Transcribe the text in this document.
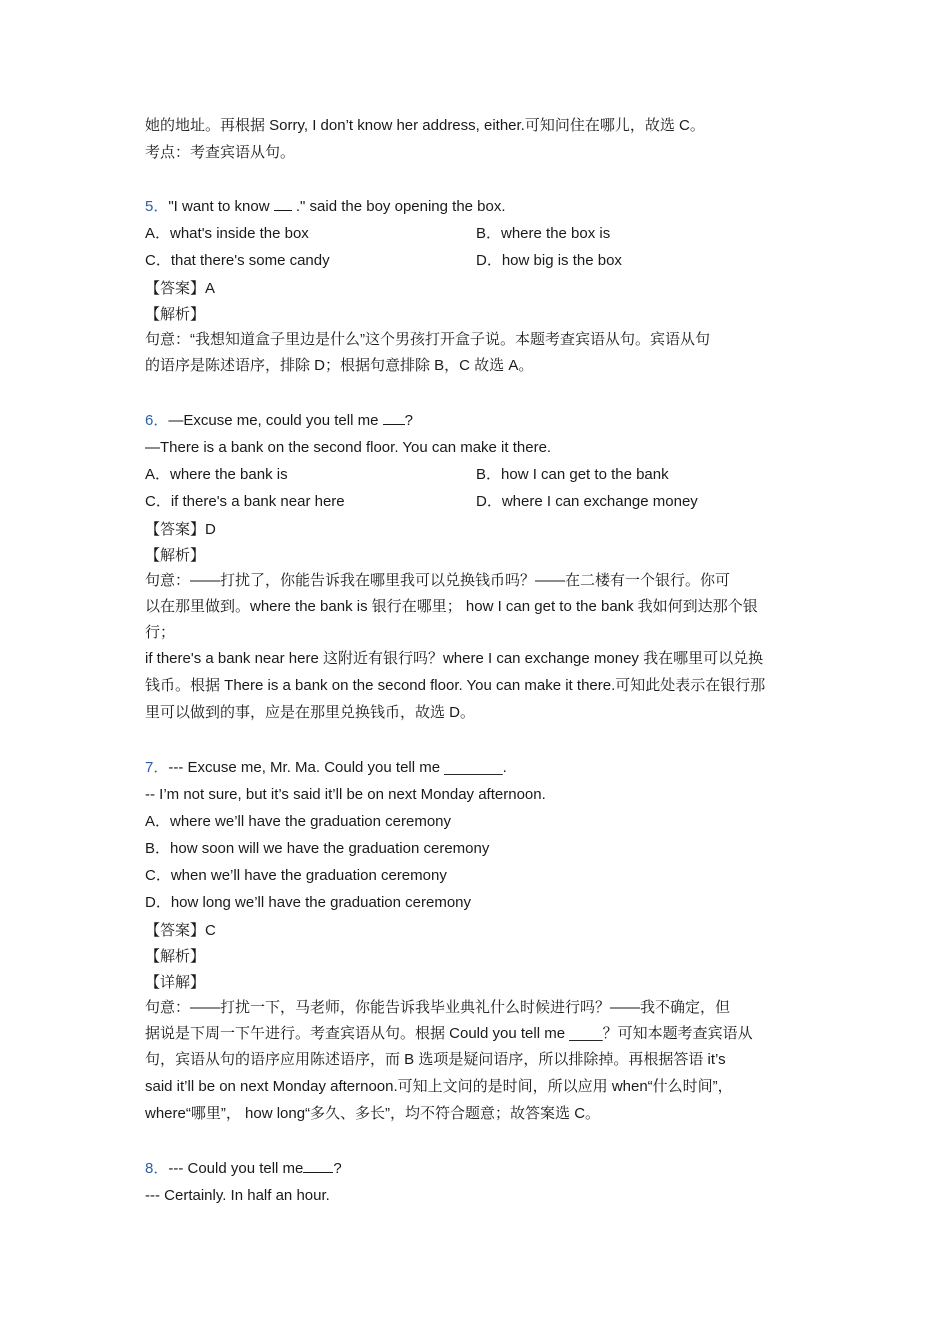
她的地址。再根据 Sorry, I don’t know her address, either.可知问住在哪儿，故选 C。
考点：考查宾语从句。
5．"I want to know  ." said the boy opening the box.
A．what's inside the box	B．where the box is
C．that there's some candy	D．how big is the box
【答案】A
【解析】
句意：“我想知道盒子里边是什么”这个男孩打开盒子说。本题考查宾语从句。宾语从句
的语序是陈述语序，排除 D；根据句意排除 B，C 故选 A。
6．—Excuse me, could you tell me ?
—There is a bank on the second floor. You can make it there.
A．where the bank is	B．how I can get to the bank
C．if there's a bank near here	D．where I can exchange money
【答案】D
【解析】
句意：——打扰了，你能告诉我在哪里我可以兑换钱币吗？——在二楼有一个银行。你可
以在那里做到。where the bank is 银行在哪里； how I can get to the bank 我如何到达那个银
行；
if there's a bank near here 这附近有银行吗？where I can exchange money 我在哪里可以兑换
钱币。根据 There is a bank on the second floor. You can make it there.可知此处表示在银行那
里可以做到的事，应是在那里兑换钱币，故选 D。
7．--- Excuse me, Mr. Ma. Could you tell me _______.
-- I’m not sure, but it’s said it’ll be on next Monday afternoon.
A．where we’ll have the graduation ceremony
B．how soon will we have the graduation ceremony
C．when we’ll have the graduation ceremony
D．how long we’ll have the graduation ceremony
【答案】C
【解析】
【详解】
句意：——打扰一下，马老师，你能告诉我毕业典礼什么时候进行吗？——我不确定，但
据说是下周一下午进行。考查宾语从句。根据 Could you tell me ____？可知本题考查宾语从
句，宾语从句的语序应用陈述语序，而 B 选项是疑问语序，所以排除掉。再根据答语 it’s
said it’ll be on next Monday afternoon.可知上文问的是时间，所以应用 when“什么时间”，
where“哪里”， how long“多久、多长”，均不符合题意；故答案选 C。
8．--- Could you tell me ?
--- Certainly. In half an hour.
